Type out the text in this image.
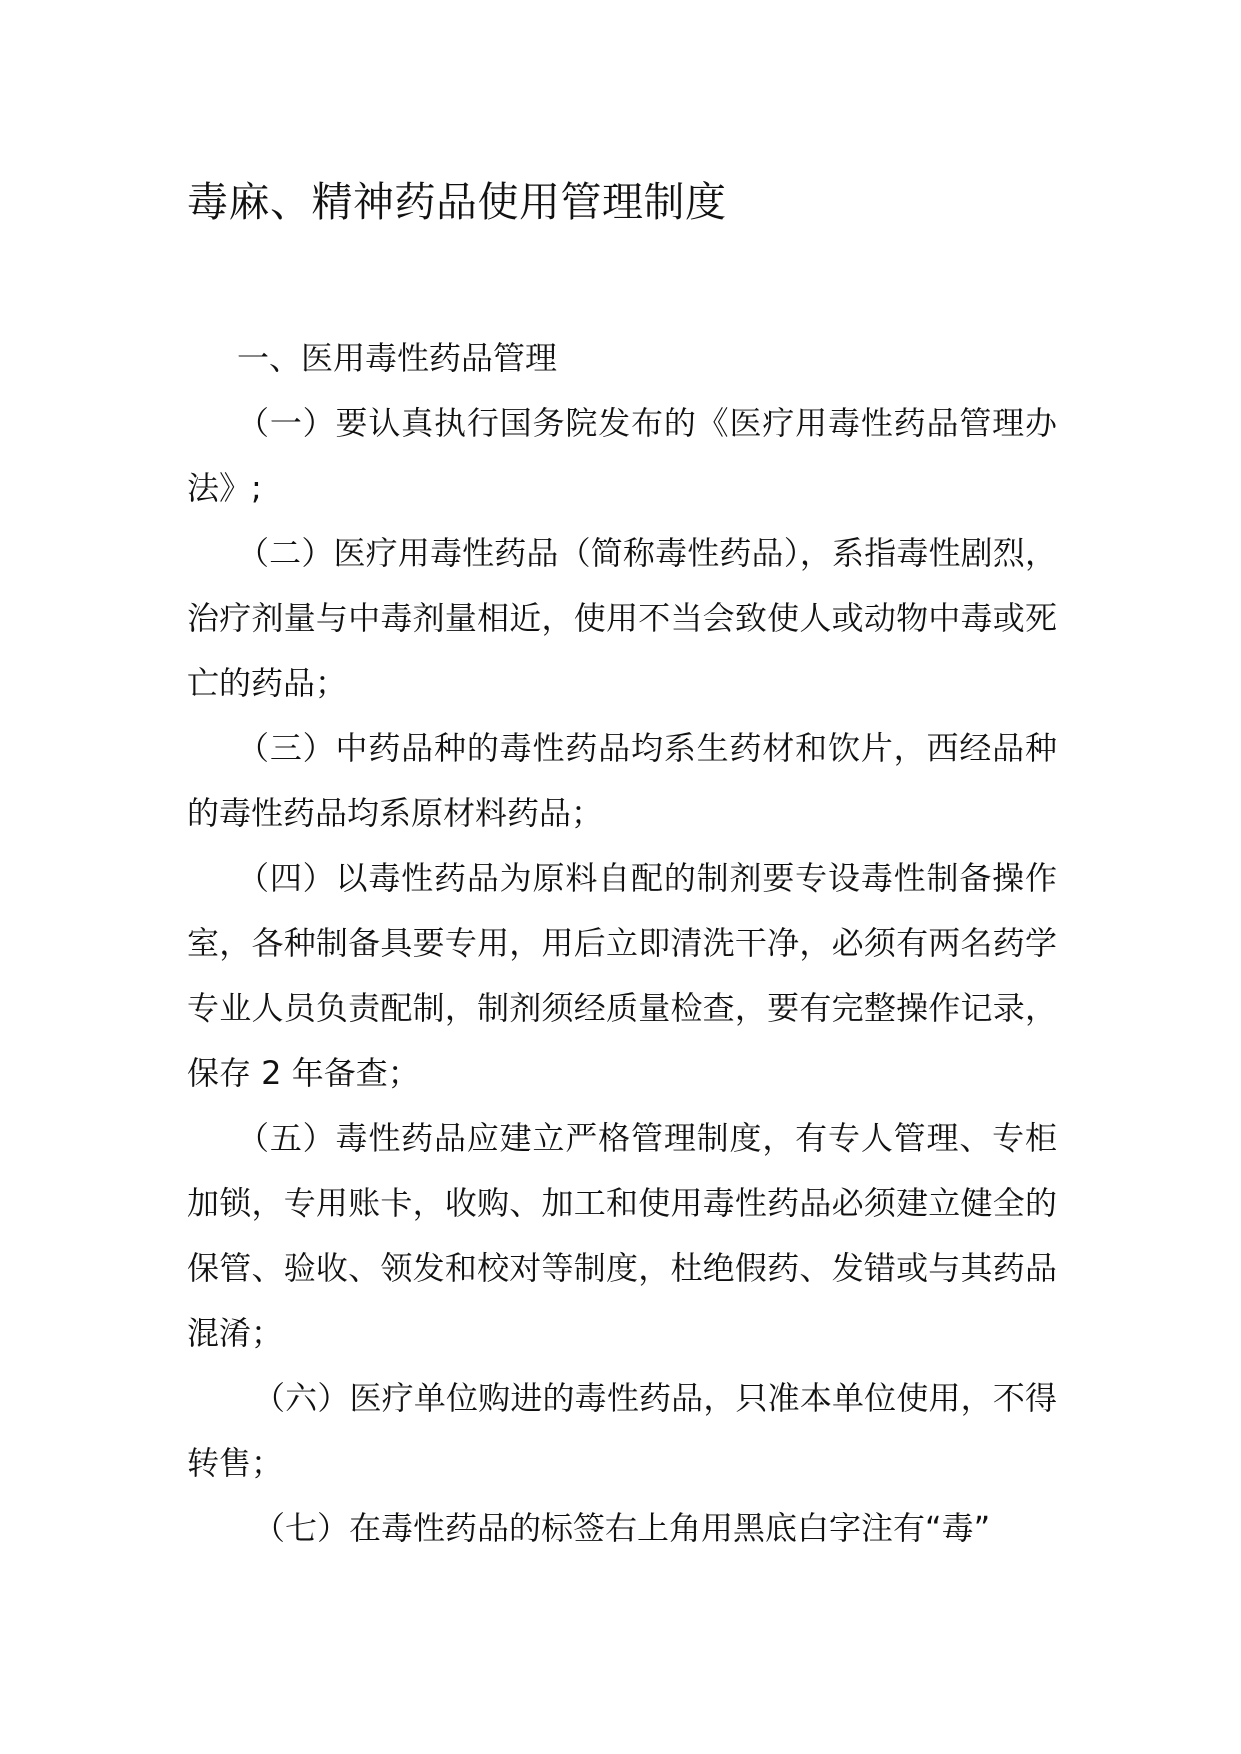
毒麻、精神药品使用管理制度

一、医用毒性药品管理

（一）要认真执行国务院发布的《医疗用毒性药品管理办法》;

（二）医疗用毒性药品（简称毒性药品），系指毒性剧烈，治疗剂量与中毒剂量相近，使用不当会致使人或动物中毒或死亡的药品；

（三）中药品种的毒性药品均系生药材和饮片，西经品种的毒性药品均系原材料药品；

（四）以毒性药品为原料自配的制剂要专设毒性制备操作室，各种制备具要专用，用后立即清洗干净，必须有两名药学专业人员负责配制，制剂须经质量检查，要有完整操作记录，保存 2 年备查；

（五）毒性药品应建立严格管理制度，有专人管理、专柜加锁，专用账卡，收购、加工和使用毒性药品必须建立健全的保管、验收、领发和校对等制度，杜绝假药、发错或与其药品混淆；

（六）医疗单位购进的毒性药品，只准本单位使用，不得转售；

（七）在毒性药品的标签右上角用黑底白字注有“毒”
